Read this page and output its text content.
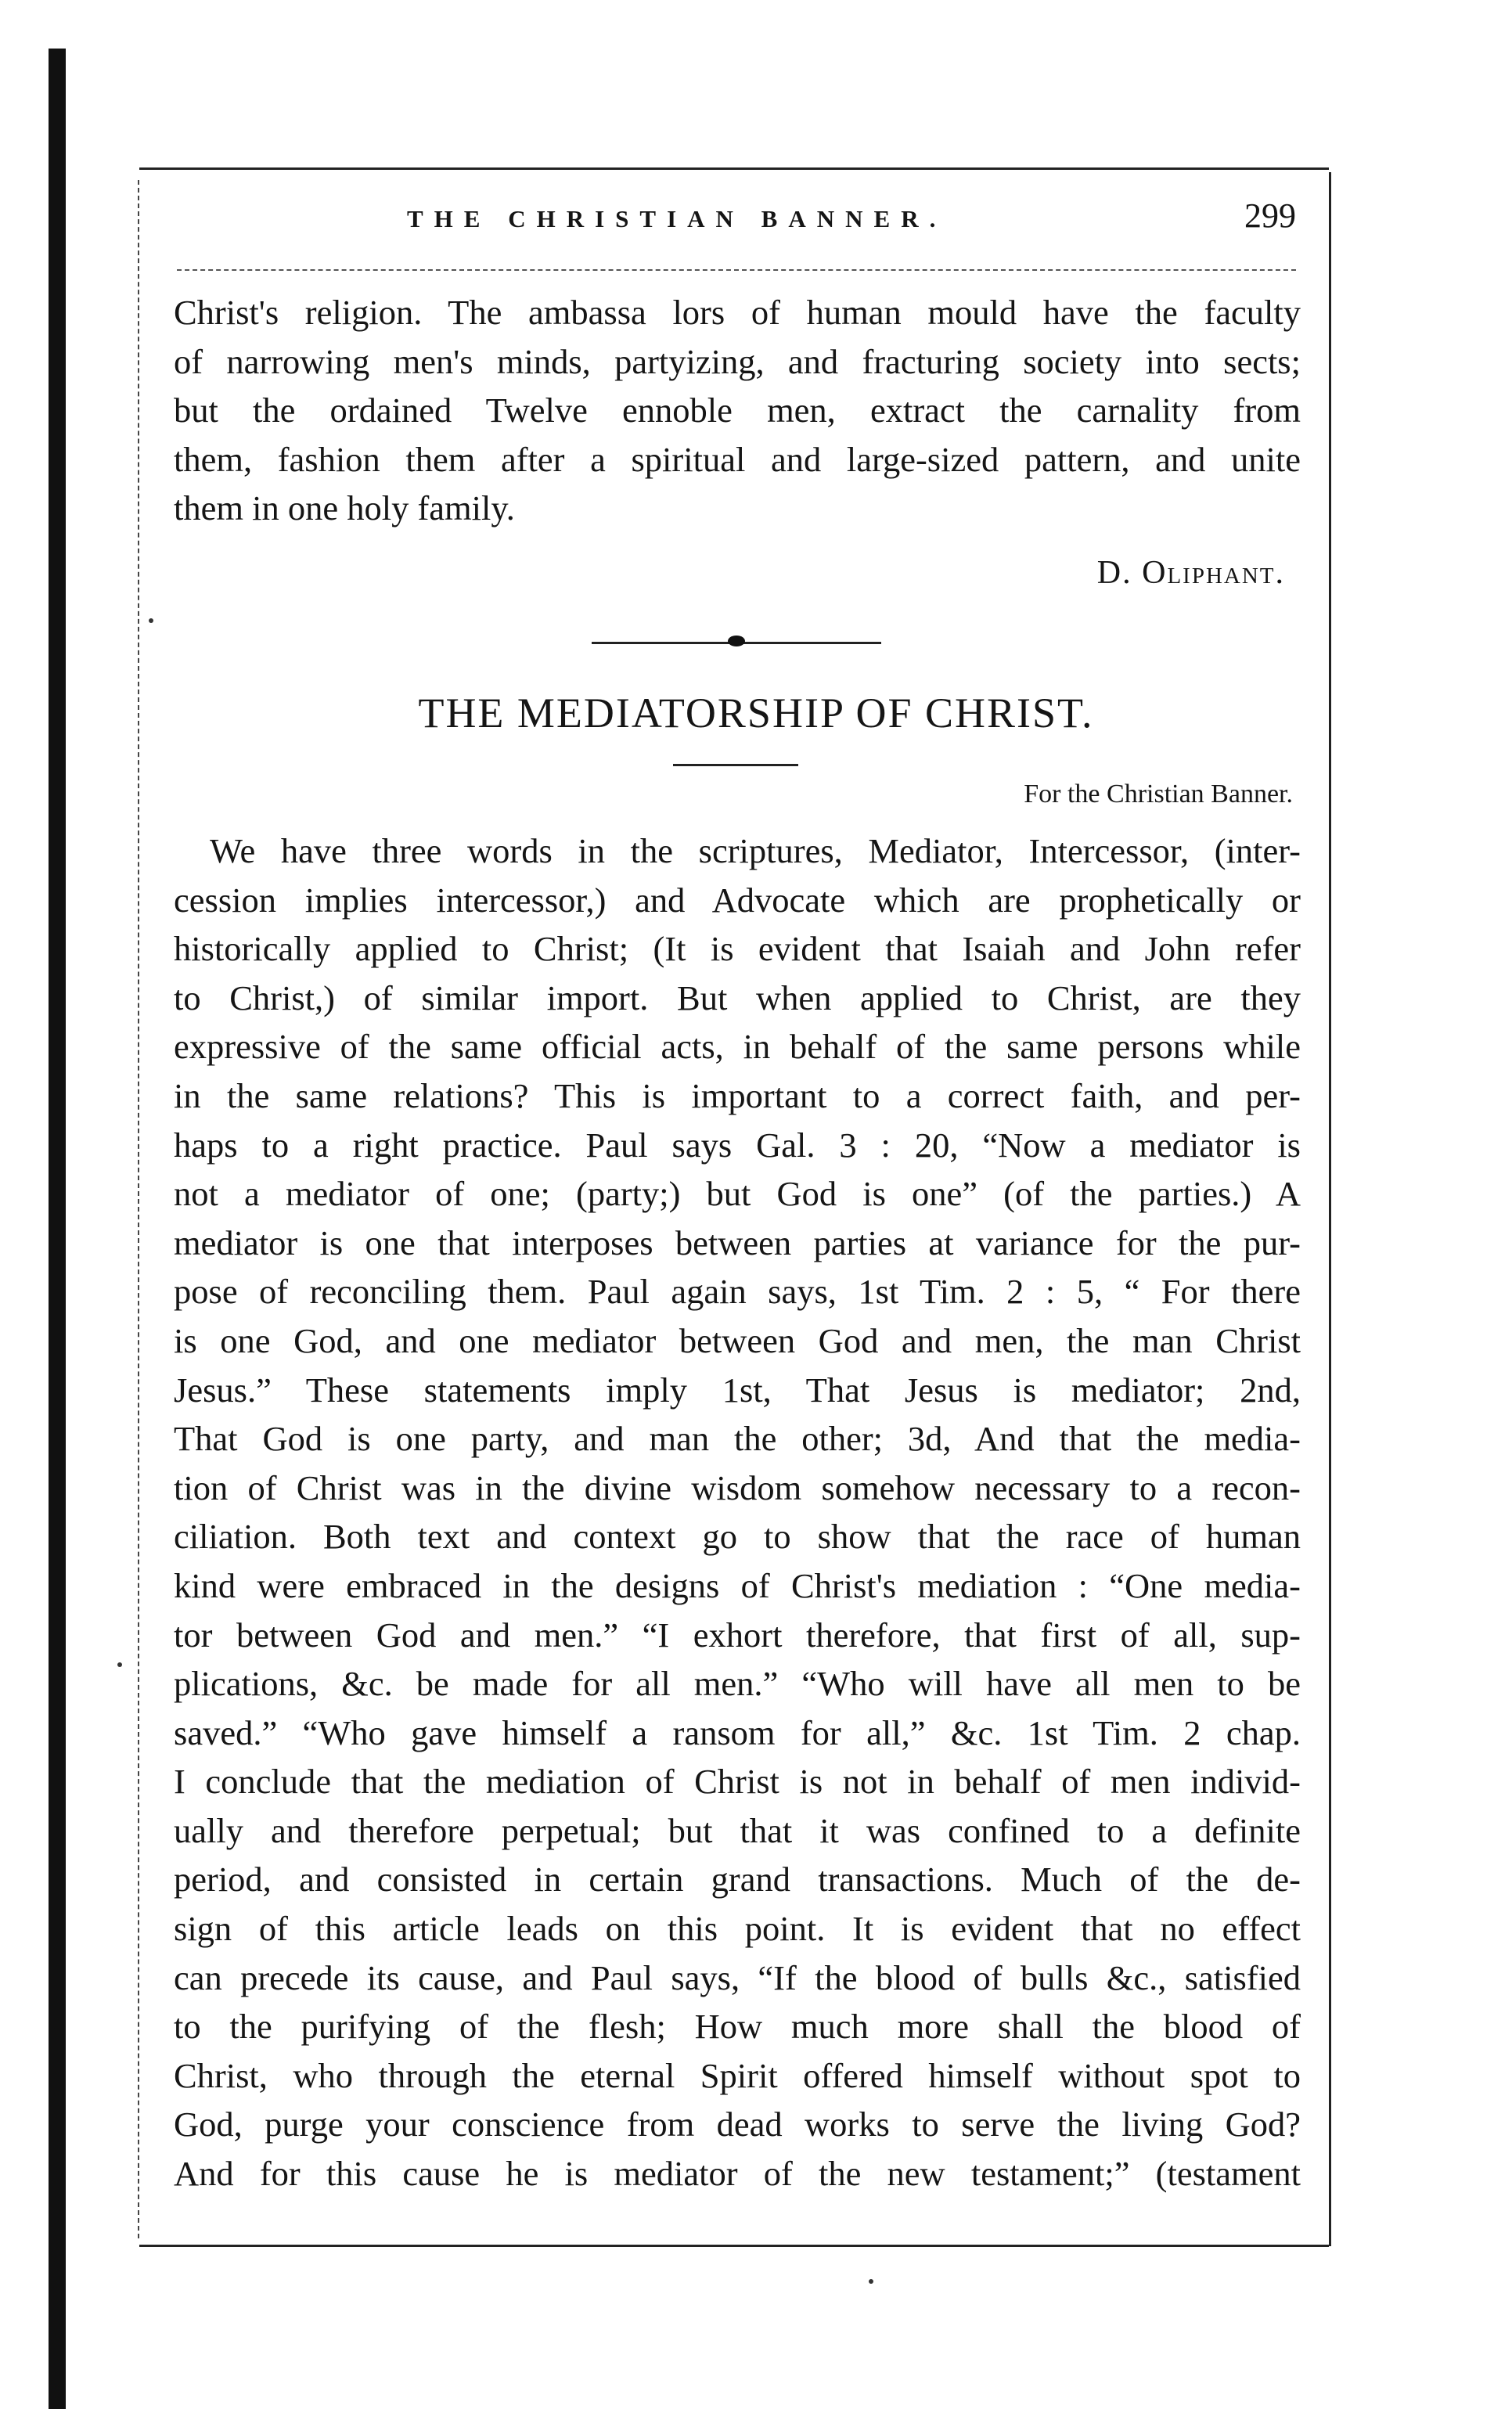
THE CHRISTIAN BANNER.	299
Christ's religion. The ambassa lors of human mould have the faculty
of narrowing men's minds, partyizing, and fracturing society into sects;
but the ordained Twelve ennoble men, extract the carnality from
them, fashion them after a spiritual and large-sized pattern, and unite
them in one holy family.
D. Oliphant.
THE MEDIATORSHIP OF CHRIST.
For the Christian Banner.
We have three words in the scriptures, Mediator, Intercessor, (inter-
cession implies intercessor,) and Advocate which are prophetically or
historically applied to Christ; (It is evident that Isaiah and John refer
to Christ,) of similar import. But when applied to Christ, are they
expressive of the same official acts, in behalf of the same persons while
in the same relations? This is important to a correct faith, and per-
haps to a right practice. Paul says Gal. 3 : 20, “Now a mediator is
not a mediator of one; (party;) but God is one” (of the parties.) A
mediator is one that interposes between parties at variance for the pur-
pose of reconciling them. Paul again says, 1st Tim. 2 : 5, “ For there
is one God, and one mediator between God and men, the man Christ
Jesus.” These statements imply 1st, That Jesus is mediator; 2nd,
That God is one party, and man the other; 3d, And that the media-
tion of Christ was in the divine wisdom somehow necessary to a recon-
ciliation. Both text and context go to show that the race of human
kind were embraced in the designs of Christ's mediation : “One media-
tor between God and men.” “I exhort therefore, that first of all, sup-
plications, &c. be made for all men.” “Who will have all men to be
saved.” “Who gave himself a ransom for all,” &c. 1st Tim. 2 chap.
I conclude that the mediation of Christ is not in behalf of men individ-
ually and therefore perpetual; but that it was confined to a definite
period, and consisted in certain grand transactions. Much of the de-
sign of this article leads on this point. It is evident that no effect
can precede its cause, and Paul says, “If the blood of bulls &c., satisfied
to the purifying of the flesh; How much more shall the blood of
Christ, who through the eternal Spirit offered himself without spot to
God, purge your conscience from dead works to serve the living God?
And for this cause he is mediator of the new testament;” (testament
